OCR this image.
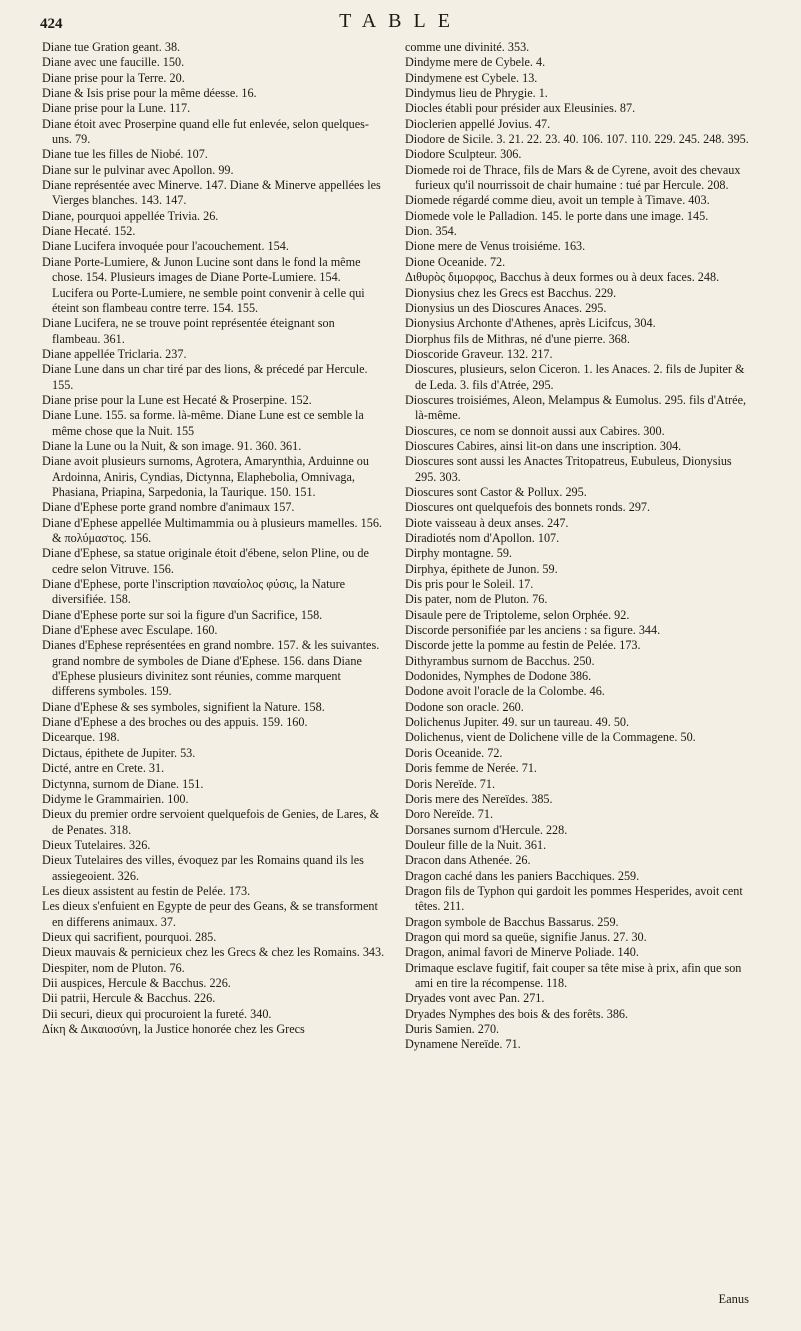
424	TABLE

Diane tue Gration geant. 38.

Diane avec une faucille. 150.

Diane prise pour la Terre. 20.

Diane & Isis prise pour la même déesse. 16.

Diane prise pour la Lune. 117.

Diane étoit avec Proserpine quand elle fut enlevée, selon quelques-uns. 79.

Diane tue les filles de Niobé. 107.

Diane sur le pulvinar avec Apollon. 99.

Diane représentée avec Minerve. 147. Diane & Minerve appellées les Vierges blanches. 143. 147.

Diane, pourquoi appellée Trivia. 26.

Diane Hecaté. 152.

Diane Lucifera invoquée pour l'acouchement. 154.

Diane Porte-Lumiere, & Junon Lucine sont dans le fond la même chose. 154. Plusieurs images de Diane Porte-Lumiere. 154. Lucifera ou Porte-Lumiere, ne semble point convenir à celle qui éteint son flambeau contre terre. 154. 155.

Diane Lucifera, ne se trouve point représentée éteignant son flambeau. 361.

Diane appellée Triclaria. 237.

Diane Lune dans un char tiré par des lions, & précedé par Hercule. 155.

Diane prise pour la Lune est Hecaté & Proserpine. 152.

Diane Lune. 155. sa forme. là-même. Diane Lune est ce semble la même chose que la Nuit. 155

Diane la Lune ou la Nuit, & son image. 91. 360. 361.

Diane avoit plusieurs surnoms, Agrotera, Amarynthia, Arduinne ou Ardoinna, Aniris, Cyndias, Dictynna, Elaphebolia, Omnivaga, Phasiana, Priapina, Sarpedonia, la Taurique. 150. 151.

Diane d'Ephese porte grand nombre d'animaux 157.

Diane d'Ephese appellée Multimammia ou à plusieurs mamelles. 156. & πολύμαστος. 156.

Diane d'Ephese, sa statue originale étoit d'ébene, selon Pline, ou de cedre selon Vitruve. 156.

Diane d'Ephese, porte l'inscription παναίολος φύσις, la Nature diversifiée. 158.

Diane d'Ephese porte sur soi la figure d'un Sacrifice, 158.

Diane d'Ephese avec Esculape. 160.

Dianes d'Ephese représentées en grand nombre. 157. & les suivantes. grand nombre de symboles de Diane d'Ephese. 156. dans Diane d'Ephese plusieurs divinitez sont réunies, comme marquent differens symboles. 159.

Diane d'Ephese & ses symboles, signifient la Nature. 158.

Diane d'Ephese a des broches ou des appuis. 159. 160.

Dicearque. 198.

Dictaus, épithete de Jupiter. 53.

Dicté, antre en Crete. 31.

Dictynna, surnom de Diane. 151.

Didyme le Grammairien. 100.

Dieux du premier ordre servoient quelquefois de Genies, de Lares, & de Penates. 318.

Dieux Tutelaires. 326.

Dieux Tutelaires des villes, évoquez par les Romains quand ils les assiegeoient. 326.

Les dieux assistent au festin de Pelée. 173.

Les dieux s'enfuient en Egypte de peur des Geans, & se transforment en differens animaux. 37.

Dieux qui sacrifient, pourquoi. 285.

Dieux mauvais & pernicieux chez les Grecs & chez les Romains. 343.

Diespiter, nom de Pluton. 76.

Dii auspices, Hercule & Bacchus. 226.

Dii patrii, Hercule & Bacchus. 226.

Dii securi, dieux qui procuroient la fureté. 340.

Δίκη & Δικαιοσύνη, la Justice honorée chez les Grecs

comme une divinité. 353.

Dindyme mere de Cybele. 4.

Dindymene est Cybele. 13.

Dindymus lieu de Phrygie. 1.

Diocles établi pour présider aux Eleusinies. 87.

Dioclerien appellé Jovius. 47.

Diodore de Sicile. 3. 21. 22. 23. 40. 106. 107. 110. 229. 245. 248. 395.

Diodore Sculpteur. 306.

Diomede roi de Thrace, fils de Mars & de Cyrene, avoit des chevaux furieux qu'il nourrissoit de chair humaine : tué par Hercule. 208.

Diomede régardé comme dieu, avoit un temple à Timave. 403.

Diomede vole le Palladion. 145. le porte dans une image. 145.

Dion. 354.

Dione mere de Venus troisiéme. 163.

Dione Oceanide. 72.

Διθυρὸς διμορφος, Bacchus à deux formes ou à deux faces. 248.

Dionysius chez les Grecs est Bacchus. 229.

Dionysius un des Dioscures Anaces. 295.

Dionysius Archonte d'Athenes, après Licifcus, 304.

Diorphus fils de Mithras, né d'une pierre. 368.

Dioscoride Graveur. 132. 217.

Dioscures, plusieurs, selon Ciceron. 1. les Anaces. 2. fils de Jupiter & de Leda. 3. fils d'Atrée, 295.

Dioscures troisiémes, Aleon, Melampus & Eumolus. 295. fils d'Atrée, là-même.

Dioscures, ce nom se donnoit aussi aux Cabires. 300.

Dioscures Cabires, ainsi lit-on dans une inscription. 304.

Dioscures sont aussi les Anactes Tritopatreus, Eubuleus, Dionysius 295. 303.

Dioscures sont Castor & Pollux. 295.

Dioscures ont quelquefois des bonnets ronds. 297.

Diote vaisseau à deux anses. 247.

Diradiotés nom d'Apollon. 107.

Dirphy montagne. 59.

Dirphya, épithete de Junon. 59.

Dis pris pour le Soleil. 17.

Dis pater, nom de Pluton. 76.

Disaule pere de Triptoleme, selon Orphée. 92.

Discorde personifiée par les anciens : sa figure. 344.

Discorde jette la pomme au festin de Pelée. 173.

Dithyrambus surnom de Bacchus. 250.

Dodonides, Nymphes de Dodone 386.

Dodone avoit l'oracle de la Colombe. 46.

Dodone son oracle. 260.

Dolichenus Jupiter. 49. sur un taureau. 49. 50.

Dolichenus, vient de Dolichene ville de la Commagene. 50.

Doris Oceanide. 72.

Doris femme de Nerée. 71.

Doris Nereïde. 71.

Doris mere des Nereïdes. 385.

Doro Nereïde. 71.

Dorsanes surnom d'Hercule. 228.

Douleur fille de la Nuit. 361.

Dracon dans Athenée. 26.

Dragon caché dans les paniers Bacchiques. 259.

Dragon fils de Typhon qui gardoit les pommes Hesperides, avoit cent têtes. 211.

Dragon symbole de Bacchus Bassarus. 259.

Dragon qui mord sa queüe, signifie Janus. 27. 30.

Dragon, animal favori de Minerve Poliade. 140.

Drimaque esclave fugitif, fait couper sa tête mise à prix, afin que son ami en tire la récompense. 118.

Dryades vont avec Pan. 271.

Dryades Nymphes des bois & des forêts. 386.

Duris Samien. 270.

Dynamene Nereïde. 71.

Eanus
